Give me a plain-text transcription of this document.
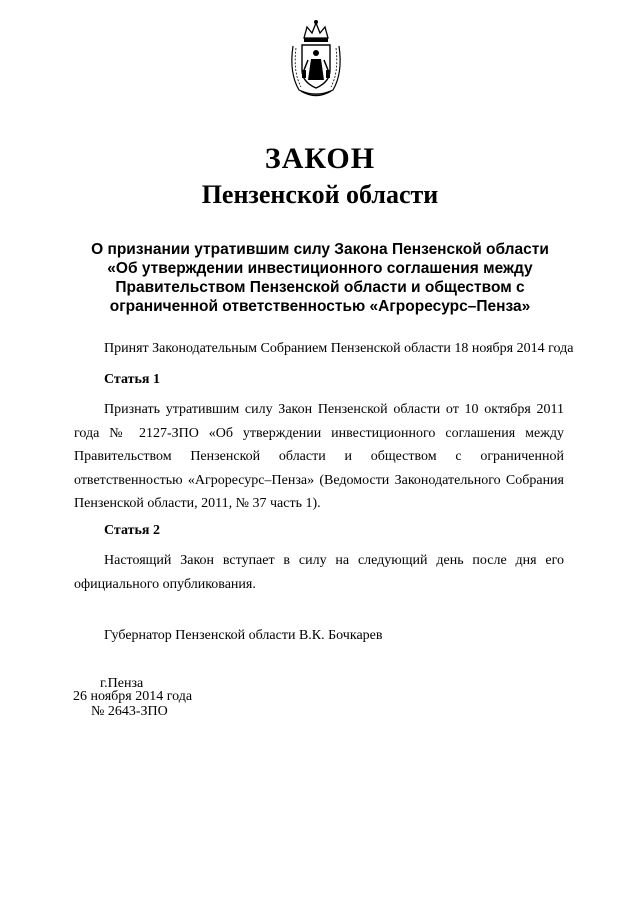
ЗАКОН
Пензенской области
О признании утратившим силу Закона Пензенской области
«Об утверждении инвестиционного соглашения между
Правительством Пензенской области и обществом с
ограниченной ответственностью «Агроресурс–Пенза»
Принят Законодательным Собранием Пензенской области 18 ноября 2014 года
Статья 1
Признать утратившим силу Закон Пензенской области от 10 октября 2011 года № 2127-ЗПО «Об утверждении инвестиционного соглашения между Правительством Пензенской области и обществом с ограниченной ответственностью «Агроресурс–Пенза» (Ведомости Законодательного Собрания Пензенской области, 2011, № 37 часть 1).
Статья 2
Настоящий Закон вступает в силу на следующий день после дня его официального опубликования.
Губернатор Пензенской области В.К. Бочкарев
г.Пенза
26 ноября 2014 года
№ 2643-ЗПО
